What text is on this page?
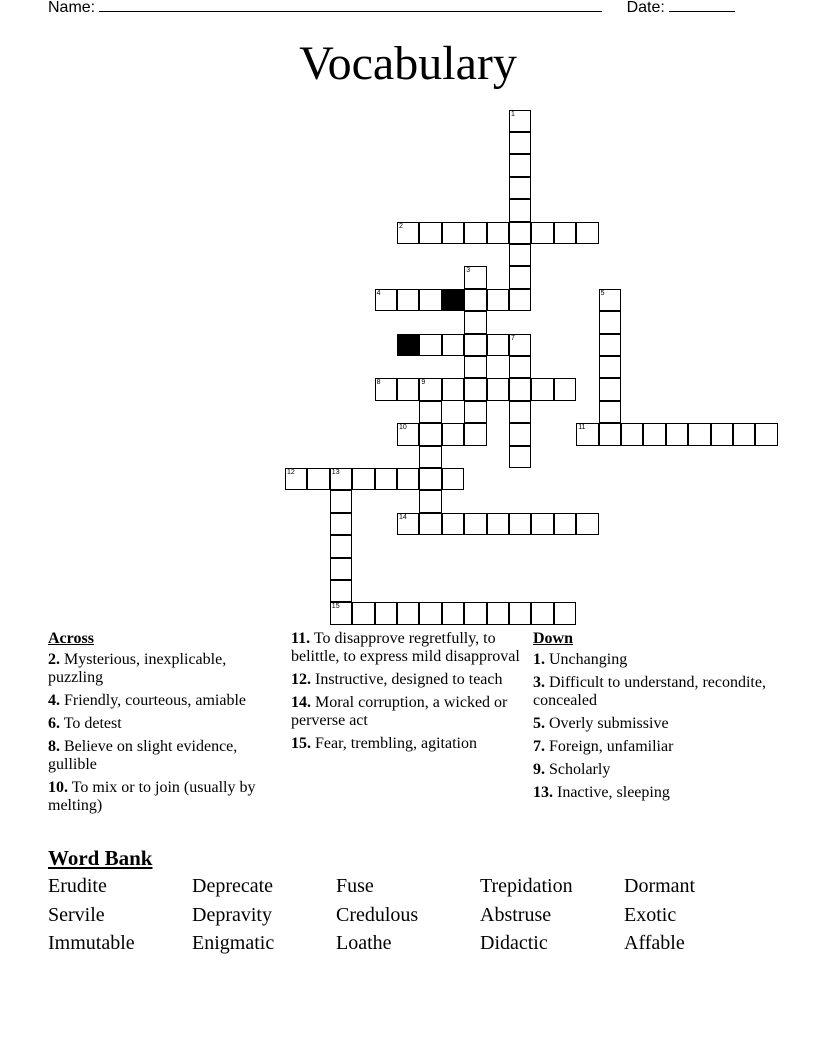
Name:	Date:
Vocabulary
2
4
7
8	9
10	11
12	13
14
15
1
3
5
Across
2. Mysterious, inexplicable, puzzling
4. Friendly, courteous, amiable
6. To detest
8. Believe on slight evidence, gullible
10. To mix or to join (usually by melting)
11. To disapprove regretfully, to belittle, to express mild disapproval
12. Instructive, designed to teach
14. Moral corruption, a wicked or perverse act
15. Fear, trembling, agitation
Down
1. Unchanging
3. Difficult to understand, recondite, concealed
5. Overly submissive
7. Foreign, unfamiliar
9. Scholarly
13. Inactive, sleeping
Word Bank
Erudite	Deprecate	Fuse	Trepidation	Dormant
Servile	Depravity	Credulous	Abstruse	Exotic
Immutable	Enigmatic	Loathe	Didactic	Affable
